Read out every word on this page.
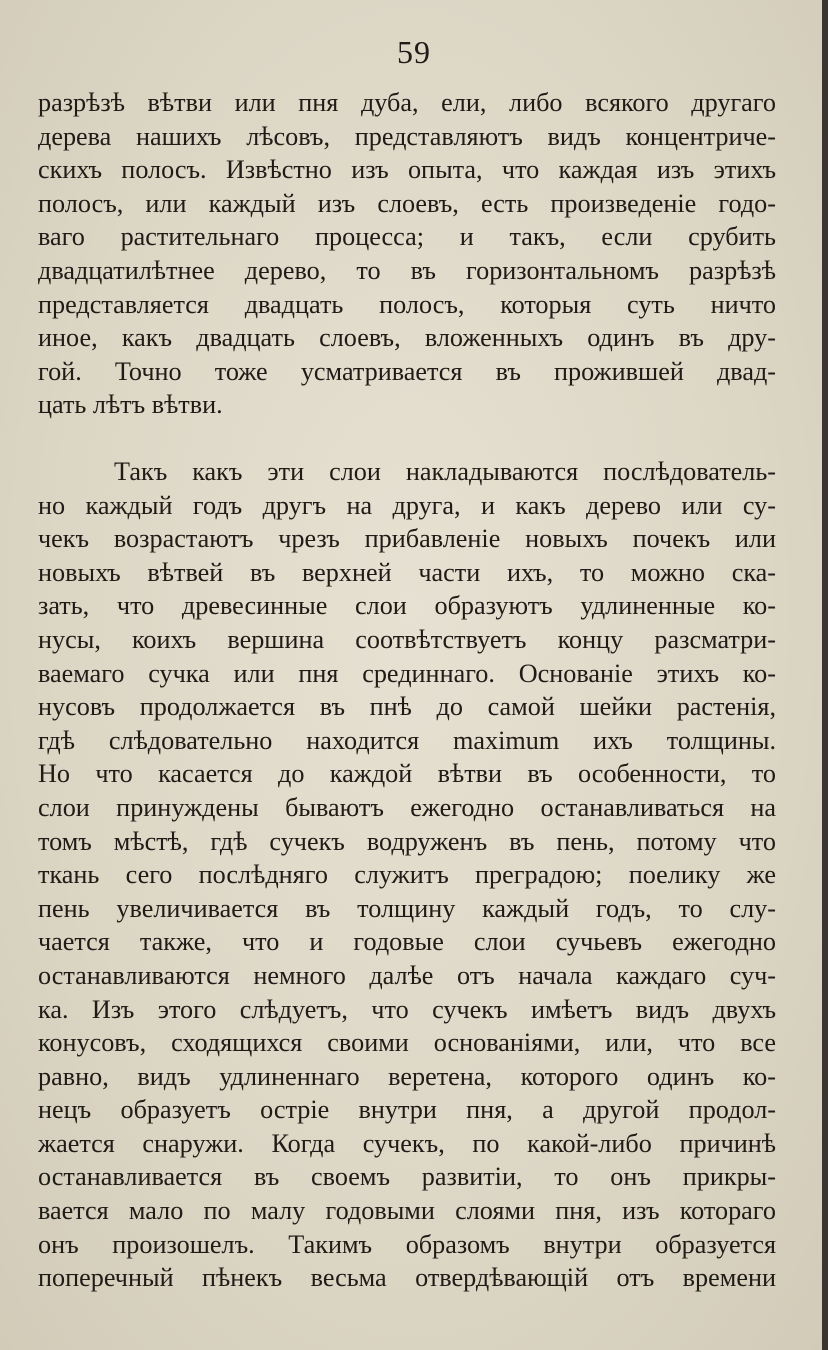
59
разрѣзѣ вѣтви или пня дуба, ели, либо всякого другаго
дерева нашихъ лѣсовъ, представляютъ видъ концентриче-
скихъ полосъ. Извѣстно изъ опыта, что каждая изъ этихъ
полосъ, или каждый изъ слоевъ, есть произведеніе годо-
ваго растительнаго процесса; и такъ, если срубить
двадцатилѣтнее дерево, то въ горизонтальномъ разрѣзѣ
представляется двадцать полосъ, которыя суть ничто
иное, какъ двадцать слоевъ, вложенныхъ одинъ въ дру-
гой. Точно тоже усматривается въ прожившей двад-
цать лѣтъ вѣтви.
Такъ какъ эти слои накладываются послѣдователь-
но каждый годъ другъ на друга, и какъ дерево или су-
чекъ возрастаютъ чрезъ прибавленіе новыхъ почекъ или
новыхъ вѣтвей въ верхней части ихъ, то можно ска-
зать, что древесинные слои образуютъ удлиненные ко-
нусы, коихъ вершина соотвѣтствуетъ концу разсматри-
ваемаго сучка или пня срединнаго. Основаніе этихъ ко-
нусовъ продолжается въ пнѣ до самой шейки растенія,
гдѣ слѣдовательно находится maximum ихъ толщины.
Но что касается до каждой вѣтви въ особенности, то
слои принуждены бываютъ ежегодно останавливаться на
томъ мѣстѣ, гдѣ сучекъ водруженъ въ пень, потому что
ткань сего послѣдняго служитъ преградою; поелику же
пень увеличивается въ толщину каждый годъ, то слу-
чается также, что и годовые слои сучьевъ ежегодно
останавливаются немного далѣе отъ начала каждаго суч-
ка. Изъ этого слѣдуетъ, что сучекъ имѣетъ видъ двухъ
конусовъ, сходящихся своими основаніями, или, что все
равно, видъ удлиненнаго веретена, которого одинъ ко-
нецъ образуетъ остріе внутри пня, а другой продол-
жается снаружи. Когда сучекъ, по какой-либо причинѣ
останавливается въ своемъ развитіи, то онъ прикры-
вается мало по малу годовыми слоями пня, изъ котораго
онъ произошелъ. Такимъ образомъ внутри образуется
поперечный пѣнекъ весьма отвердѣвающій отъ времени
